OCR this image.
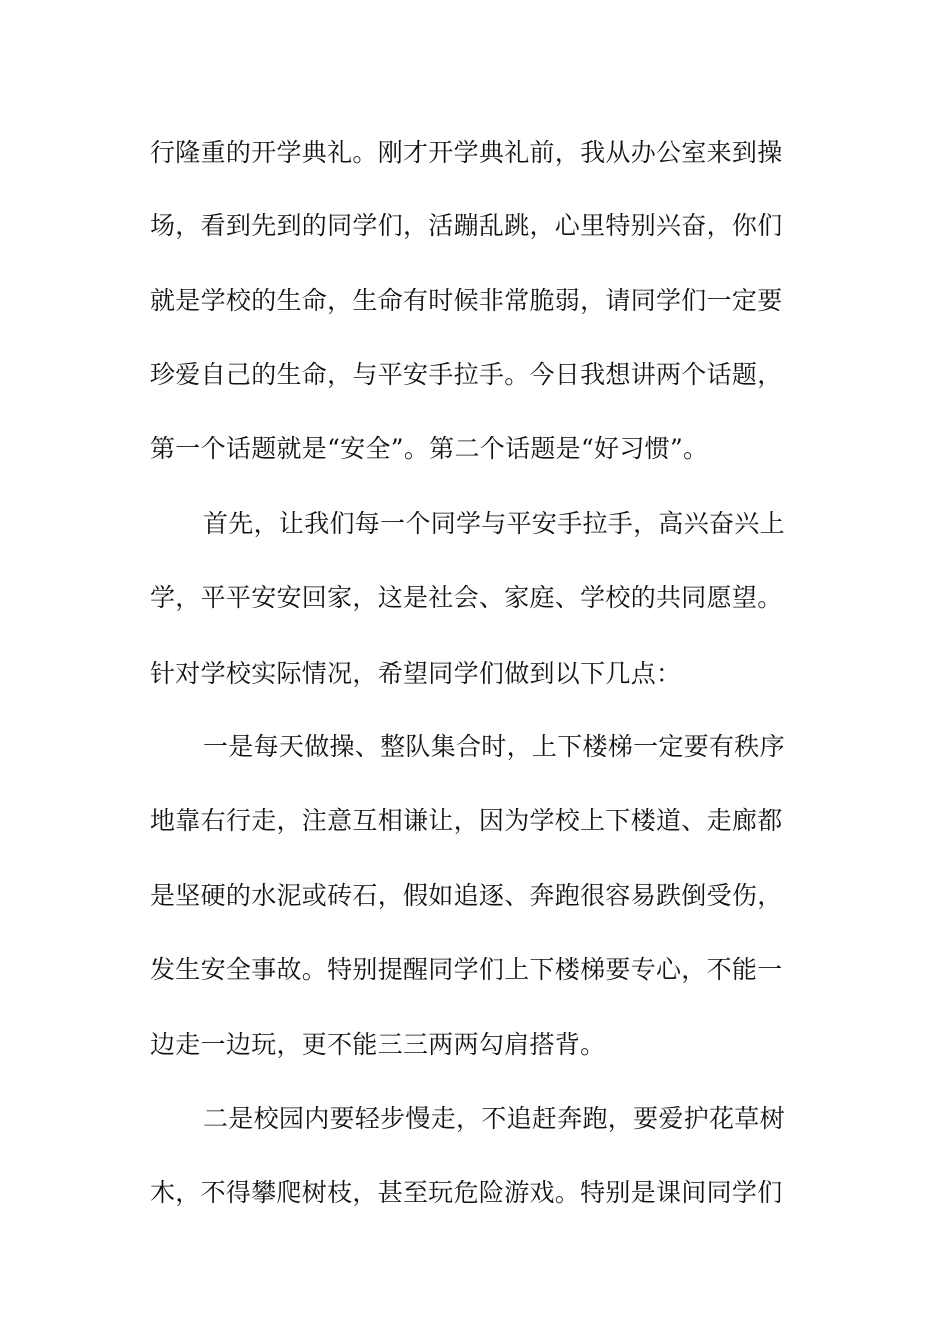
行隆重的开学典礼。刚才开学典礼前，我从办公室来到操
场，看到先到的同学们，活蹦乱跳，心里特别兴奋，你们
就是学校的生命，生命有时候非常脆弱，请同学们一定要
珍爱自己的生命，与平安手拉手。今日我想讲两个话题，
第一个话题就是“安全”。第二个话题是“好习惯”。
首先，让我们每一个同学与平安手拉手，高兴奋兴上
学，平平安安回家，这是社会、家庭、学校的共同愿望。
针对学校实际情况，希望同学们做到以下几点：
一是每天做操、整队集合时，上下楼梯一定要有秩序
地靠右行走，注意互相谦让，因为学校上下楼道、走廊都
是坚硬的水泥或砖石，假如追逐、奔跑很容易跌倒受伤，
发生安全事故。特别提醒同学们上下楼梯要专心，不能一
边走一边玩，更不能三三两两勾肩搭背。
二是校园内要轻步慢走，不追赶奔跑，要爱护花草树
木，不得攀爬树枝，甚至玩危险游戏。特别是课间同学们
